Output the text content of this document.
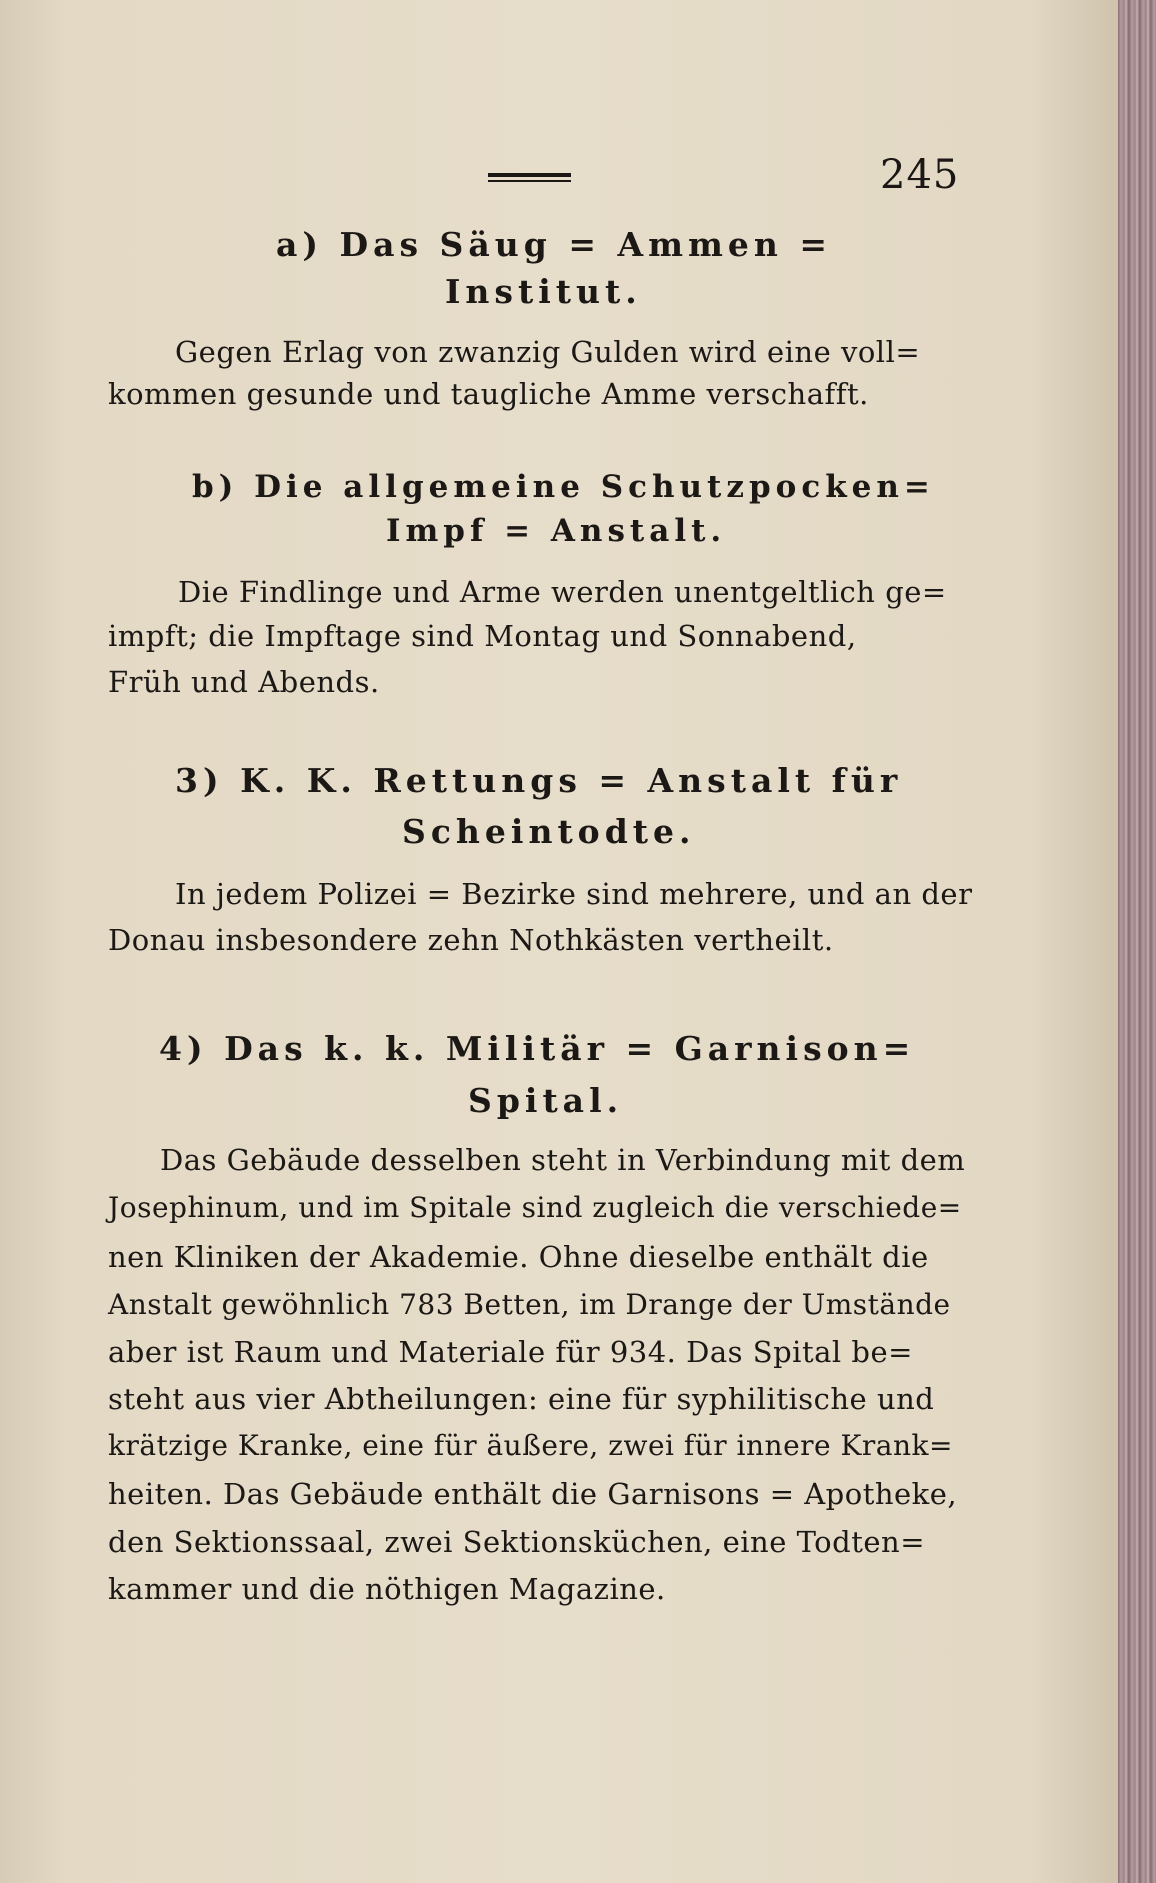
245
a) Das Säug = Ammen =
Institut.
Gegen Erlag von zwanzig Gulden wird eine voll=
kommen gesunde und taugliche Amme verschafft.
b) Die allgemeine Schutzpocken=
Impf = Anstalt.
Die Findlinge und Arme werden unentgeltlich ge=
impft; die Impftage sind Montag und Sonnabend,
Früh und Abends.
3) K. K. Rettungs = Anstalt für
Scheintodte.
In jedem Polizei = Bezirke sind mehrere, und an der
Donau insbesondere zehn Nothkästen vertheilt.
4) Das k. k. Militär = Garnison=
Spital.
Das Gebäude desselben steht in Verbindung mit dem
Josephinum, und im Spitale sind zugleich die verschiede=
nen Kliniken der Akademie. Ohne dieselbe enthält die
Anstalt gewöhnlich 783 Betten, im Drange der Umstände
aber ist Raum und Materiale für 934. Das Spital be=
steht aus vier Abtheilungen: eine für syphilitische und
krätzige Kranke, eine für äußere, zwei für innere Krank=
heiten. Das Gebäude enthält die Garnisons = Apotheke,
den Sektionssaal, zwei Sektionsküchen, eine Todten=
kammer und die nöthigen Magazine.
